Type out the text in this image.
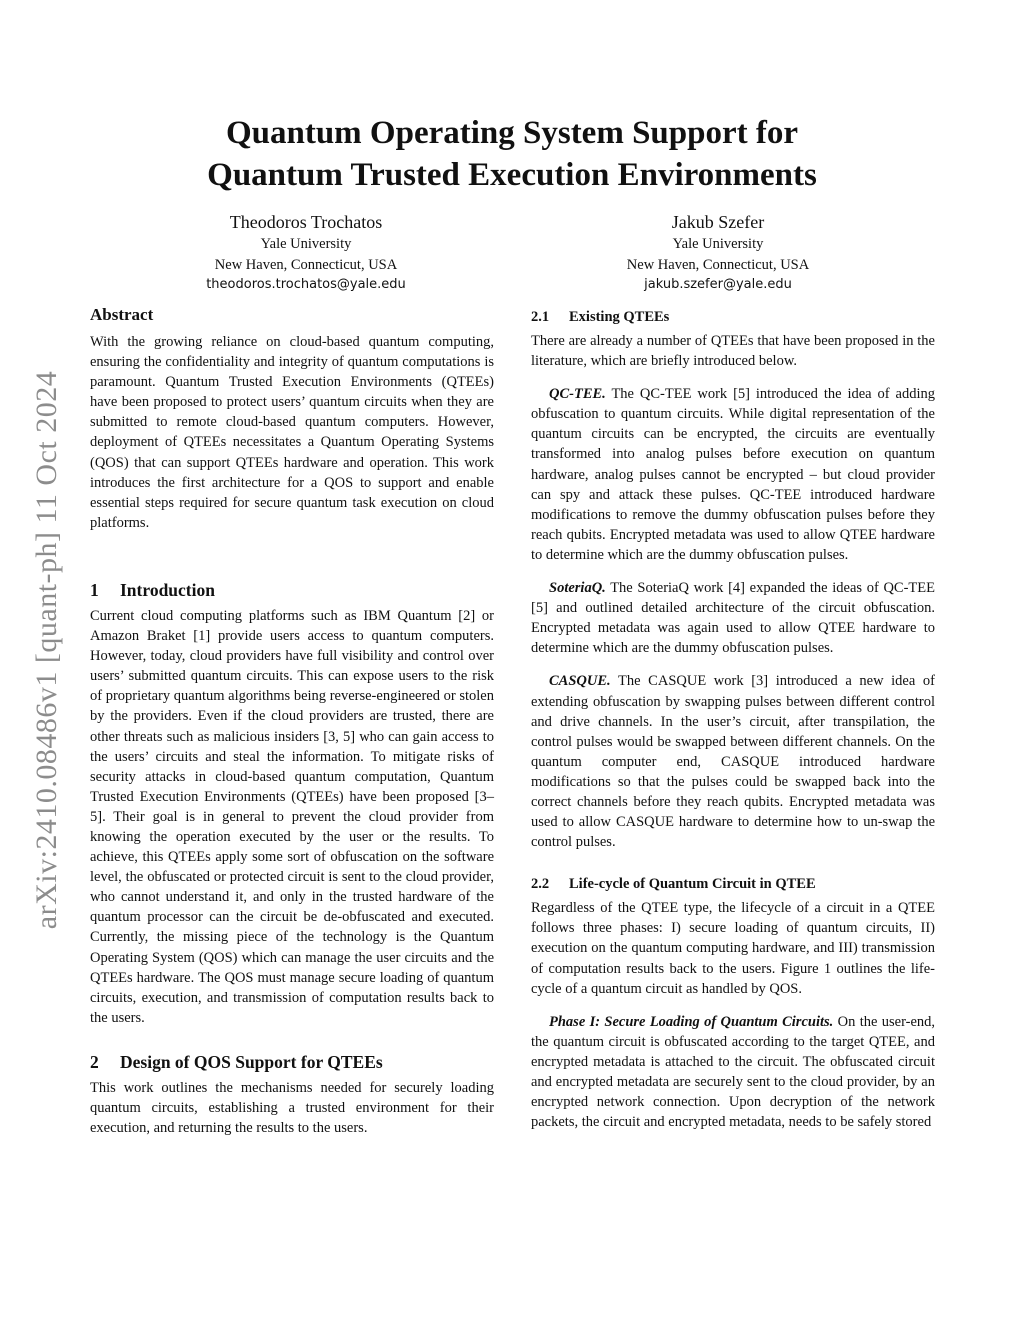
arXiv:2410.08486v1 [quant-ph] 11 Oct 2024
Quantum Operating System Support for
Quantum Trusted Execution Environments
Theodoros Trochatos
Yale University
New Haven, Connecticut, USA
theodoros.trochatos@yale.edu
Jakub Szefer
Yale University
New Haven, Connecticut, USA
jakub.szefer@yale.edu
Abstract

With the growing reliance on cloud-based quantum computing, ensuring the confidentiality and integrity of quantum computations is paramount. Quantum Trusted Execution Environments (QTEEs) have been proposed to protect users’ quantum circuits when they are submitted to remote cloud-based quantum computers. However, deployment of QTEEs necessitates a Quantum Operating Systems (QOS) that can support QTEEs hardware and operation. This work introduces the first architecture for a QOS to support and enable essential steps required for secure quantum task execution on cloud platforms.

1 Introduction

Current cloud computing platforms such as IBM Quantum [2] or Amazon Braket [1] provide users access to quantum computers. However, today, cloud providers have full visibility and control over users’ submitted quantum circuits. This can expose users to the risk of proprietary quantum algorithms being reverse-engineered or stolen by the providers. Even if the cloud providers are trusted, there are other threats such as malicious insiders [3, 5] who can gain access to the users’ circuits and steal the information. To mitigate risks of security attacks in cloud-based quantum computation, Quantum Trusted Execution Environments (QTEEs) have been proposed [3–5]. Their goal is in general to prevent the cloud provider from knowing the operation executed by the user or the results. To achieve, this QTEEs apply some sort of obfuscation on the software level, the obfuscated or protected circuit is sent to the cloud provider, who cannot understand it, and only in the trusted hardware of the quantum processor can the circuit be de-obfuscated and executed. Currently, the missing piece of the technology is the Quantum Operating System (QOS) which can manage the user circuits and the QTEEs hardware. The QOS must manage secure loading of quantum circuits, execution, and transmission of computation results back to the users.

2 Design of QOS Support for QTEEs

This work outlines the mechanisms needed for securely loading quantum circuits, establishing a trusted environment for their execution, and returning the results to the users.

2.1 Existing QTEEs

There are already a number of QTEEs that have been proposed in the literature, which are briefly introduced below.

QC-TEE. The QC-TEE work [5] introduced the idea of adding obfuscation to quantum circuits. While digital representation of the quantum circuits can be encrypted, the circuits are eventually transformed into analog pulses before execution on quantum hardware, analog pulses cannot be encrypted – but cloud provider can spy and attack these pulses. QC-TEE introduced hardware modifications to remove the dummy obfuscation pulses before they reach qubits. Encrypted metadata was used to allow QTEE hardware to determine which are the dummy obfuscation pulses.

SoteriaQ. The SoteriaQ work [4] expanded the ideas of QC-TEE [5] and outlined detailed architecture of the circuit obfuscation. Encrypted metadata was again used to allow QTEE hardware to determine which are the dummy obfuscation pulses.

CASQUE. The CASQUE work [3] introduced a new idea of extending obfuscation by swapping pulses between different control and drive channels. In the user’s circuit, after transpilation, the control pulses would be swapped between different channels. On the quantum computer end, CASQUE introduced hardware modifications so that the pulses could be swapped back into the correct channels before they reach qubits. Encrypted metadata was used to allow CASQUE hardware to determine how to un-swap the control pulses.

2.2 Life-cycle of Quantum Circuit in QTEE

Regardless of the QTEE type, the lifecycle of a circuit in a QTEE follows three phases: I) secure loading of quantum circuits, II) execution on the quantum computing hardware, and III) transmission of computation results back to the users. Figure 1 outlines the life-cycle of a quantum circuit as handled by QOS.

Phase I: Secure Loading of Quantum Circuits. On the user-end, the quantum circuit is obfuscated according to the target QTEE, and encrypted metadata is attached to the circuit. The obfuscated circuit and encrypted metadata are securely sent to the cloud provider, by an encrypted network connection. Upon decryption of the network packets, the circuit and encrypted metadata, needs to be safely stored
